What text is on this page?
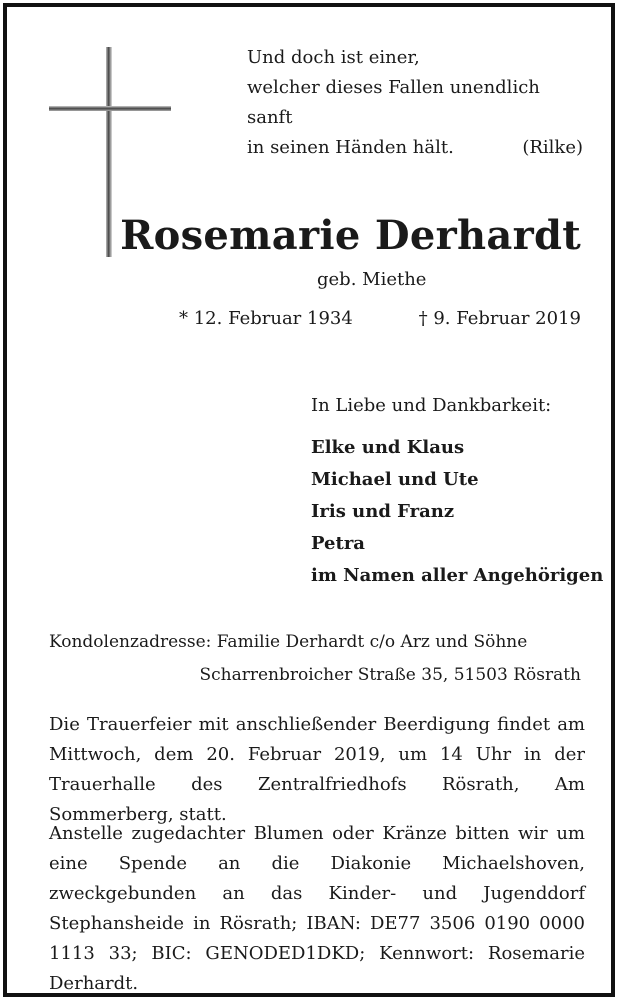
Und doch ist einer,
welcher dieses Fallen unendlich sanft
in seinen Händen hält.	(Rilke)
Rosemarie Derhardt
geb. Miethe
* 12. Februar 1934	† 9. Februar 2019
In Liebe und Dankbarkeit:
Elke und Klaus
Michael und Ute
Iris und Franz
Petra
im Namen aller Angehörigen
Kondolenzadresse: Familie Derhardt c/o Arz und Söhne
Scharrenbroicher Straße 35, 51503 Rösrath
Die Trauerfeier mit anschließender Beerdigung findet am Mittwoch, dem 20. Februar 2019, um 14 Uhr in der Trauerhalle des Zentralfriedhofs Rösrath, Am Sommerberg, statt.
Anstelle zugedachter Blumen oder Kränze bitten wir um eine Spende an die Diakonie Michaelshoven, zweckgebunden an das Kinder- und Jugenddorf Stephansheide in Rösrath; IBAN: DE77 3506 0190 0000 1113 33; BIC: GENODED1DKD; Kennwort: Rosemarie Derhardt.
